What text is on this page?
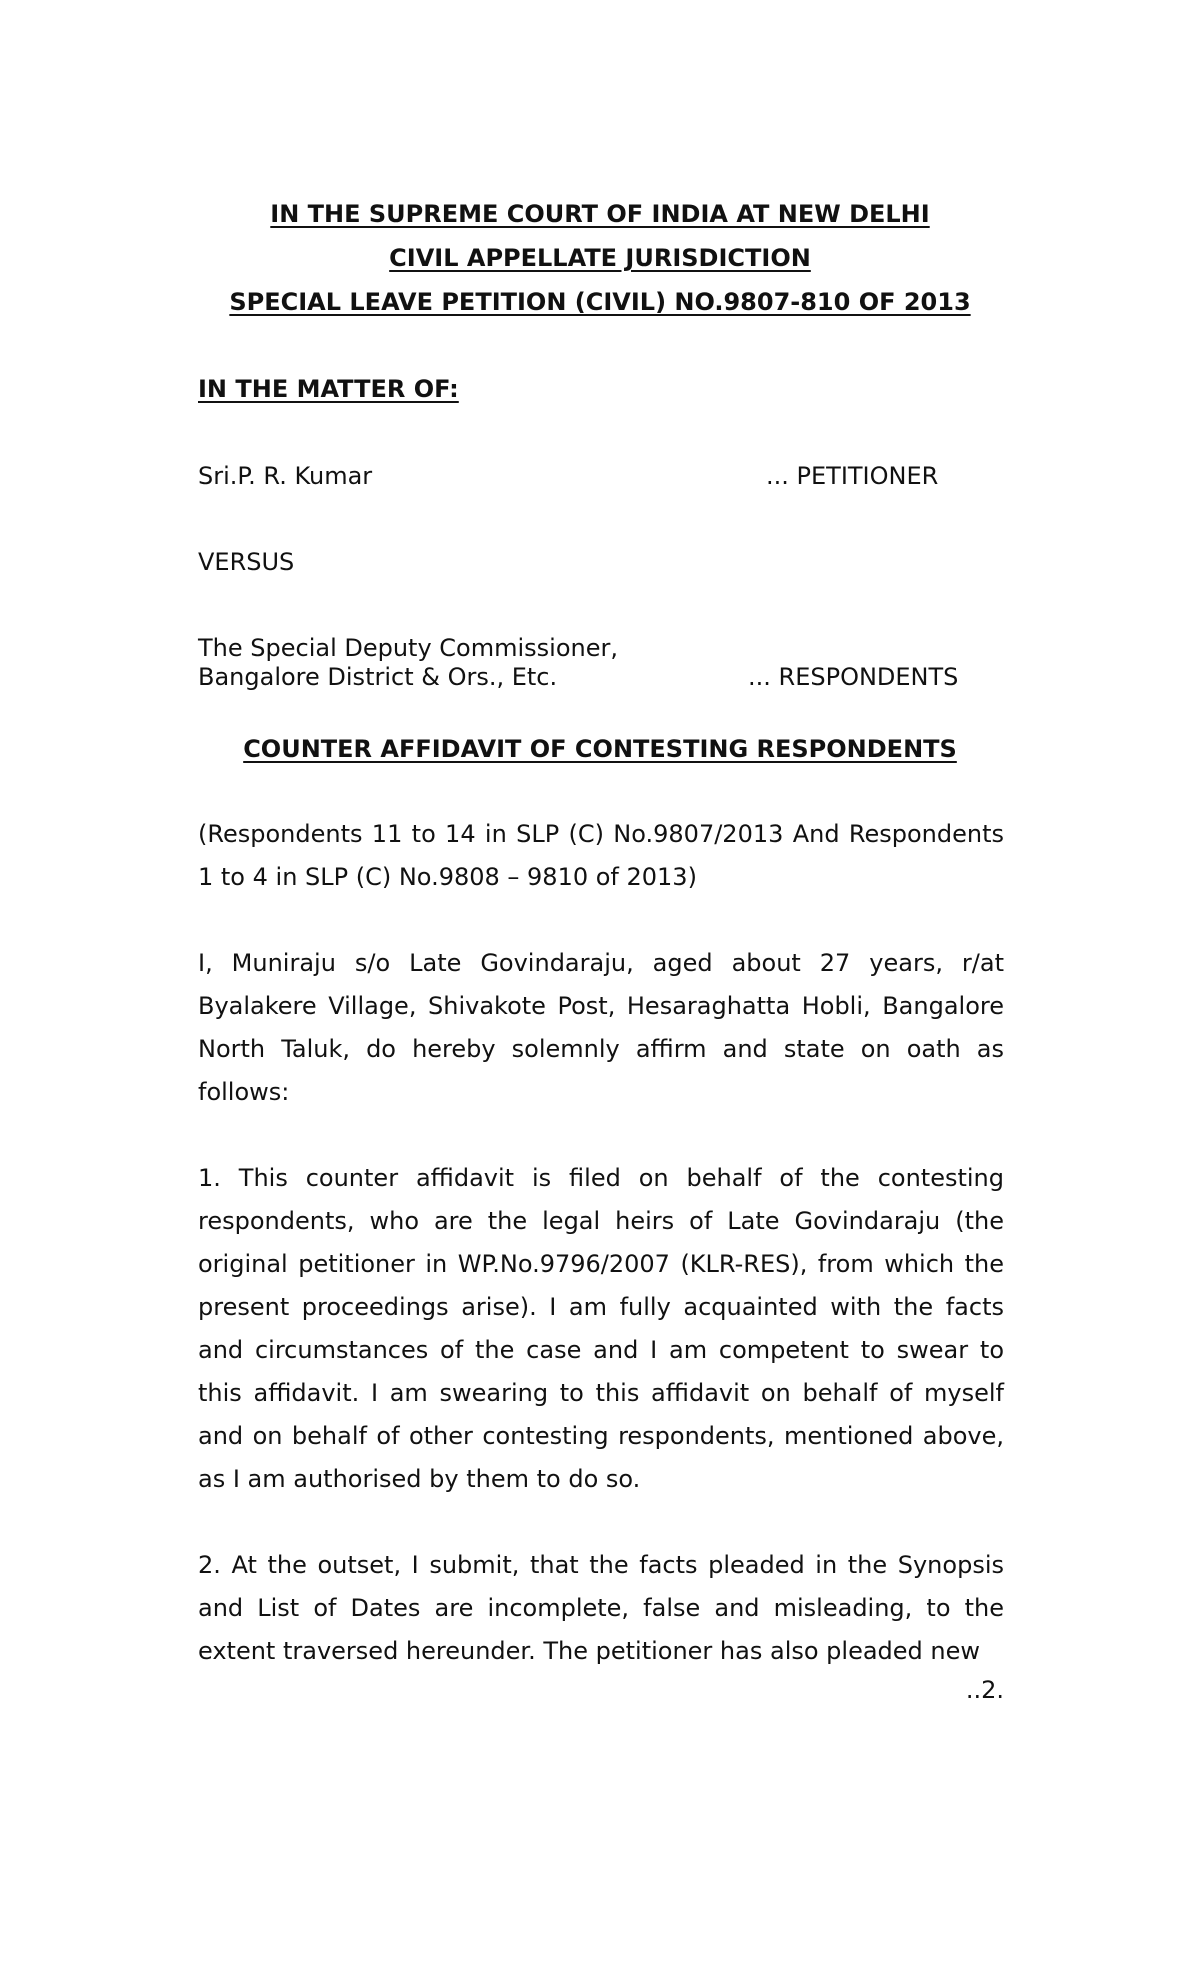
IN THE SUPREME COURT OF INDIA AT NEW DELHI
CIVIL APPELLATE JURISDICTION
SPECIAL LEAVE PETITION (CIVIL) NO.9807-810 OF 2013
IN THE MATTER OF:
Sri.P. R. Kumar	... PETITIONER
VERSUS
The Special Deputy Commissioner,
Bangalore District & Ors., Etc.	... RESPONDENTS
COUNTER AFFIDAVIT OF CONTESTING RESPONDENTS

(Respondents 11 to 14 in SLP (C) No.9807/2013 And Respondents 1 to 4 in SLP (C) No.9808 – 9810 of 2013)

I, Muniraju s/o Late Govindaraju, aged about 27 years, r/at Byalakere Village, Shivakote Post, Hesaraghatta Hobli, Bangalore North Taluk, do hereby solemnly affirm and state on oath as follows:

1. This counter affidavit is filed on behalf of the contesting respondents, who are the legal heirs of Late Govindaraju (the original petitioner in WP.No.9796/2007 (KLR-RES), from which the present proceedings arise). I am fully acquainted with the facts and circumstances of the case and I am competent to swear to this affidavit. I am swearing to this affidavit on behalf of myself and on behalf of other contesting respondents, mentioned above, as I am authorised by them to do so.

2. At the outset, I submit, that the facts pleaded in the Synopsis and List of Dates are incomplete, false and misleading, to the extent traversed hereunder. The petitioner has also pleaded new

..2.
